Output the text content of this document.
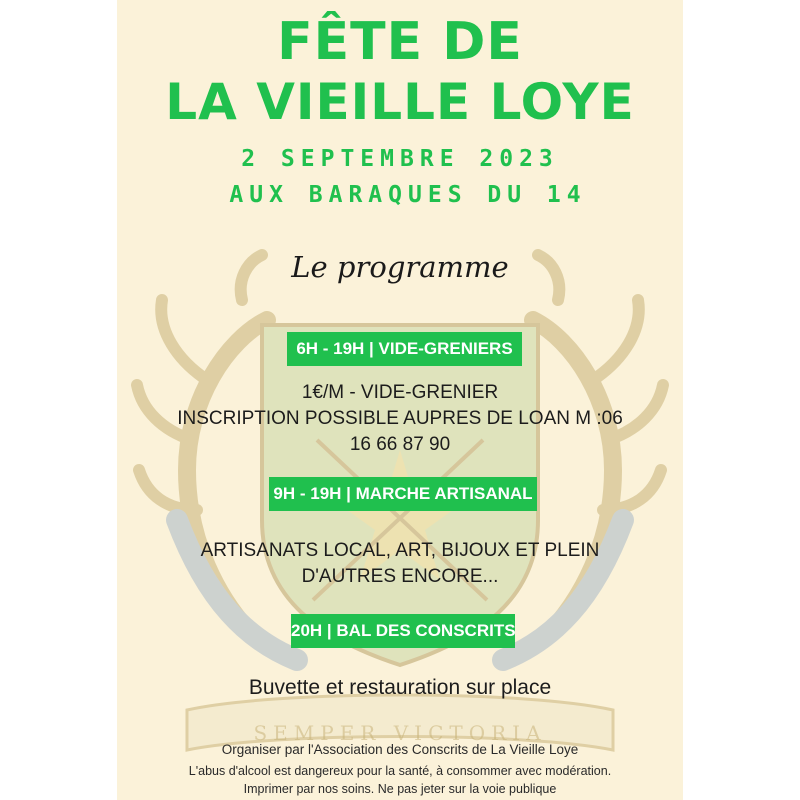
SEMPER VICTORIA
FÊTE DE
LA VIEILLE LOYE
2 SEPTEMBRE 2023
AUX BARAQUES DU 14
Le programme
6H - 19H | VIDE-GRENIERS
1€/M - VIDE-GRENIER
INSCRIPTION POSSIBLE AUPRES DE LOAN M :06
16 66 87 90
9H - 19H | MARCHE ARTISANAL
ARTISANATS LOCAL, ART, BIJOUX ET PLEIN
D'AUTRES ENCORE...
20H | BAL DES CONSCRITS
Buvette et restauration sur place
Organiser par l'Association des Conscrits de La Vieille Loye
L'abus d'alcool est dangereux pour la santé, à consommer avec modération.
Imprimer par nos soins. Ne pas jeter sur la voie publique
